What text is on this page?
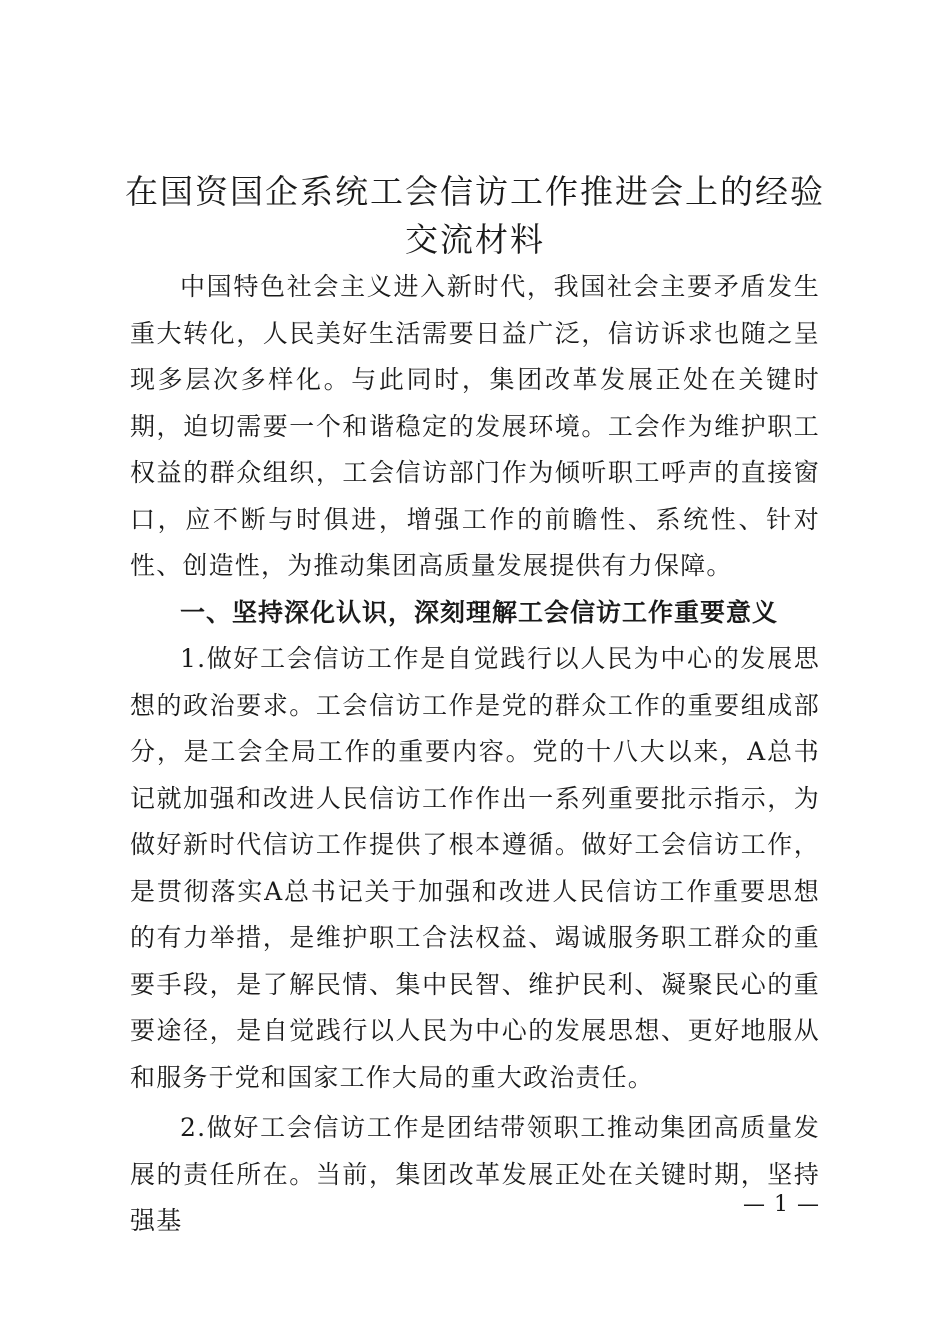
在国资国企系统工会信访工作推进会上的经验
交流材料

中国特色社会主义进入新时代，我国社会主要矛盾发生重大转化，人民美好生活需要日益广泛，信访诉求也随之呈现多层次多样化。与此同时，集团改革发展正处在关键时期，迫切需要一个和谐稳定的发展环境。工会作为维护职工权益的群众组织，工会信访部门作为倾听职工呼声的直接窗口，应不断与时俱进，增强工作的前瞻性、系统性、针对性、创造性，为推动集团高质量发展提供有力保障。

一、坚持深化认识，深刻理解工会信访工作重要意义

1.做好工会信访工作是自觉践行以人民为中心的发展思想的政治要求。工会信访工作是党的群众工作的重要组成部分，是工会全局工作的重要内容。党的十八大以来，A总书记就加强和改进人民信访工作作出一系列重要批示指示，为做好新时代信访工作提供了根本遵循。做好工会信访工作，是贯彻落实A总书记关于加强和改进人民信访工作重要思想的有力举措，是维护职工合法权益、竭诚服务职工群众的重要手段，是了解民情、集中民智、维护民利、凝聚民心的重要途径，是自觉践行以人民为中心的发展思想、更好地服从和服务于党和国家工作大局的重大政治责任。

2.做好工会信访工作是团结带领职工推动集团高质量发展的责任所在。当前，集团改革发展正处在关键时期，坚持强基

— 1 —
